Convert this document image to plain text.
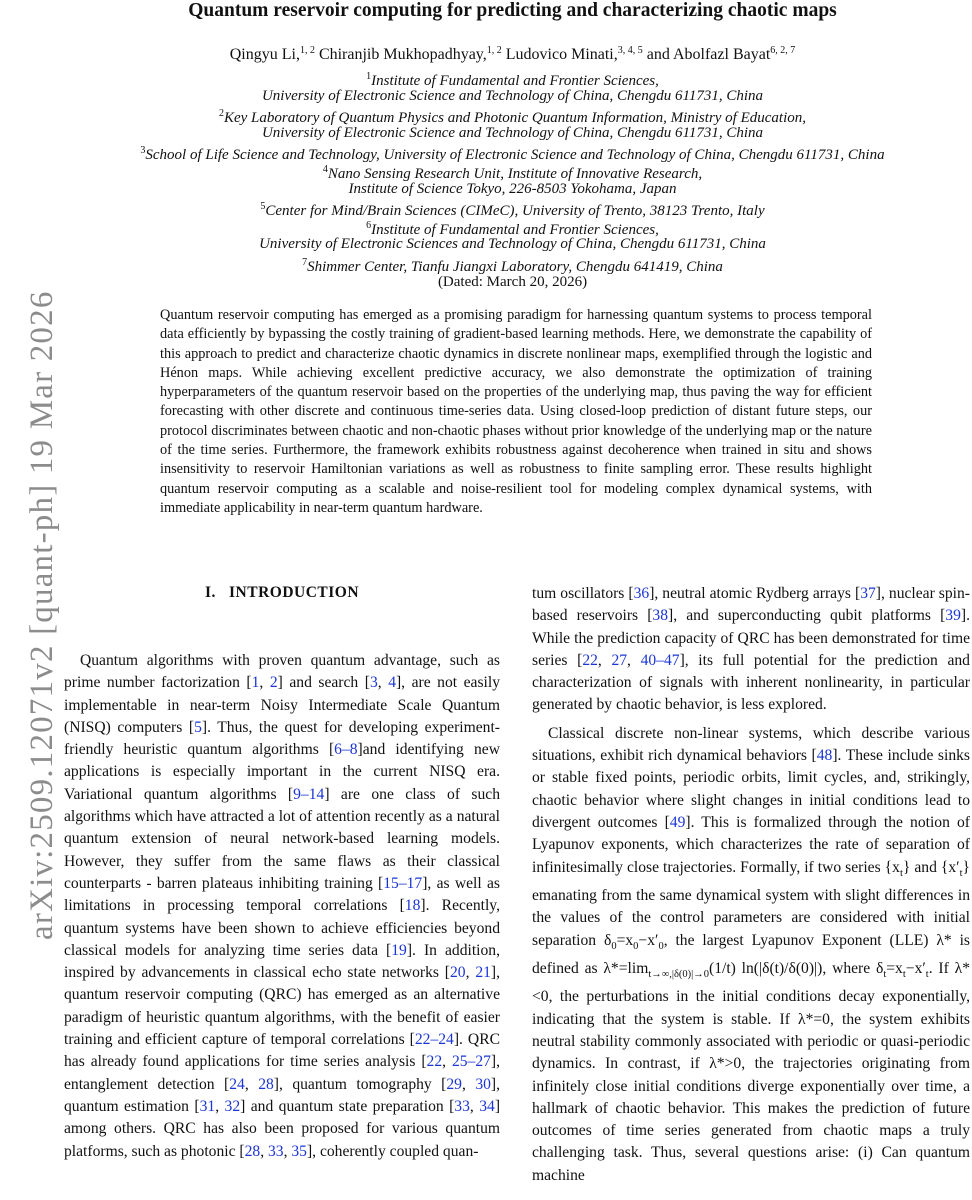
arXiv:2509.12071v2 [quant-ph] 19 Mar 2026
Quantum reservoir computing for predicting and characterizing chaotic maps
Qingyu Li,$^{1, 2}$ Chiranjib Mukhopadhyay,$^{1, 2}$ Ludovico Minati,$^{3, 4, 5}$ and Abolfazl Bayat$^{6, 2, 7}$
$^1$Institute of Fundamental and Frontier Sciences,
University of Electronic Science and Technology of China, Chengdu 611731, China
$^2$Key Laboratory of Quantum Physics and Photonic Quantum Information, Ministry of Education,
University of Electronic Science and Technology of China, Chengdu 611731, China
$^3$School of Life Science and Technology, University of Electronic Science and Technology of China, Chengdu 611731, China
$^4$Nano Sensing Research Unit, Institute of Innovative Research,
Institute of Science Tokyo, 226-8503 Yokohama, Japan
$^5$Center for Mind/Brain Sciences (CIMeC), University of Trento, 38123 Trento, Italy
$^6$Institute of Fundamental and Frontier Sciences,
University of Electronic Sciences and Technology of China, Chengdu 611731, China
$^7$Shimmer Center, Tianfu Jiangxi Laboratory, Chengdu 641419, China
(Dated: March 20, 2026)

Quantum reservoir computing has emerged as a promising paradigm for harnessing quantum systems to process temporal data efficiently by bypassing the costly training of gradient-based learning methods. Here, we demonstrate the capability of this approach to predict and characterize chaotic dynamics in discrete nonlinear maps, exemplified through the logistic and Hénon maps. While achieving excellent predictive accuracy, we also demonstrate the optimization of training hyperparameters of the quantum reservoir based on the properties of the underlying map, thus paving the way for efficient forecasting with other discrete and continuous time-series data. Using closed-loop prediction of distant future steps, our protocol discriminates between chaotic and non-chaotic phases without prior knowledge of the underlying map or the nature of the time series. Furthermore, the framework exhibits robustness against decoherence when trained in situ and shows insensitivity to reservoir Hamiltonian variations as well as robustness to finite sampling error. These results highlight quantum reservoir computing as a scalable and noise-resilient tool for modeling complex dynamical systems, with immediate applicability in near-term quantum hardware.

I. INTRODUCTION

Quantum algorithms with proven quantum advantage, such as prime number factorization [1, 2] and search [3, 4], are not easily implementable in near-term Noisy Intermediate Scale Quantum (NISQ) computers [5]. Thus, the quest for developing experiment-friendly heuristic quantum algorithms [6–8]and identifying new applications is especially important in the current NISQ era. Variational quantum algorithms [9–14] are one class of such algorithms which have attracted a lot of attention recently as a natural quantum extension of neural network-based learning models. However, they suffer from the same flaws as their classical counterparts - barren plateaus inhibiting training [15–17], as well as limitations in processing temporal correlations [18]. Recently, quantum systems have been shown to achieve efficiencies beyond classical models for analyzing time series data [19]. In addition, inspired by advancements in classical echo state networks [20, 21], quantum reservoir computing (QRC) has emerged as an alternative paradigm of heuristic quantum algorithms, with the benefit of easier training and efficient capture of temporal correlations [22–24]. QRC has already found applications for time series analysis [22, 25–27], entanglement detection [24, 28], quantum tomography [29, 30], quantum estimation [31, 32] and quantum state preparation [33, 34] among others. QRC has also been proposed for various quantum platforms, such as photonic [28, 33, 35], coherently coupled quan-

tum oscillators [36], neutral atomic Rydberg arrays [37], nuclear spin-based reservoirs [38], and superconducting qubit platforms [39]. While the prediction capacity of QRC has been demonstrated for time series [22, 27, 40–47], its full potential for the prediction and characterization of signals with inherent nonlinearity, in particular generated by chaotic behavior, is less explored.

Classical discrete non-linear systems, which describe various situations, exhibit rich dynamical behaviors [48]. These include sinks or stable fixed points, periodic orbits, limit cycles, and, strikingly, chaotic behavior where slight changes in initial conditions lead to divergent outcomes [49]. This is formalized through the notion of Lyapunov exponents, which characterizes the rate of separation of infinitesimally close trajectories. Formally, if two series $\{x_t\}$ and $\{x'_t\}$ emanating from the same dynamical system with slight differences in the values of the control parameters are considered with initial separation $\delta_0=x_0-x'_0$, the largest Lyapunov Exponent (LLE) λ* is defined as $\lambda*=\lim_{t\to\infty,|\delta(0)|\to 0}(1/t)$ ln(|δ(t)/δ(0)|), where $\delta_t=x_t-x'_t$. If λ*<0, the perturbations in the initial conditions decay exponentially, indicating that the system is stable. If λ*=0, the system exhibits neutral stability commonly associated with periodic or quasi-periodic dynamics. In contrast, if λ*>0, the trajectories originating from infinitely close initial conditions diverge exponentially over time, a hallmark of chaotic behavior. This makes the prediction of future outcomes of time series generated from chaotic maps a truly challenging task. Thus, several questions arise: (i) Can quantum machine
